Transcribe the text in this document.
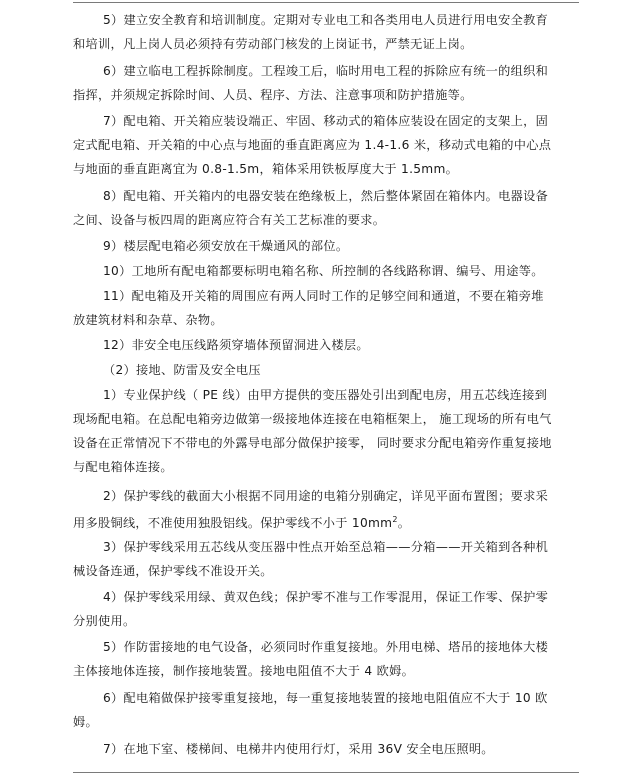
5）建立安全教育和培训制度。定期对专业电工和各类用电人员进行用电安全教育
和培训，凡上岗人员必须持有劳动部门核发的上岗证书，严禁无证上岗。
6）建立临电工程拆除制度。工程竣工后，临时用电工程的拆除应有统一的组织和
指挥，并须规定拆除时间、人员、程序、方法、注意事项和防护措施等。
7）配电箱、开关箱应装设端正、牢固、移动式的箱体应装设在固定的支架上，固
定式配电箱、开关箱的中心点与地面的垂直距离应为 1.4-1.6 米，移动式电箱的中心点
与地面的垂直距离宜为 0.8-1.5m，箱体采用铁板厚度大于 1.5mm。
8）配电箱、开关箱内的电器安装在绝缘板上，然后整体紧固在箱体内。电器设备
之间、设备与板四周的距离应符合有关工艺标准的要求。
9）楼层配电箱必须安放在干燥通风的部位。
10）工地所有配电箱都要标明电箱名称、所控制的各线路称谓、编号、用途等。
11）配电箱及开关箱的周围应有两人同时工作的足够空间和通道，不要在箱旁堆
放建筑材料和杂草、杂物。
12）非安全电压线路须穿墙体预留洞进入楼层。
（2）接地、防雷及安全电压
1）专业保护线（ PE 线）由甲方提供的变压器处引出到配电房，用五芯线连接到
现场配电箱。在总配电箱旁边做第一级接地体连接在电箱框架上， 施工现场的所有电气
设备在正常情况下不带电的外露导电部分做保护接零， 同时要求分配电箱旁作重复接地
与配电箱体连接。
2）保护零线的截面大小根据不同用途的电箱分别确定，详见平面布置图；要求采
用多股铜线，不准使用独股铝线。保护零线不小于 $10mm^2$。
3）保护零线采用五芯线从变压器中性点开始至总箱——分箱——开关箱到各种机
械设备连通，保护零线不准设开关。
4）保护零线采用绿、黄双色线；保护零不准与工作零混用，保证工作零、保护零
分别使用。
5）作防雷接地的电气设备，必须同时作重复接地。外用电梯、塔吊的接地体大楼
主体接地体连接，制作接地装置。接地电阻值不大于 4 欧姆。
6）配电箱做保护接零重复接地，每一重复接地装置的接地电阻值应不大于 10 欧
姆。
7）在地下室、楼梯间、电梯井内使用行灯，采用 36V 安全电压照明。
